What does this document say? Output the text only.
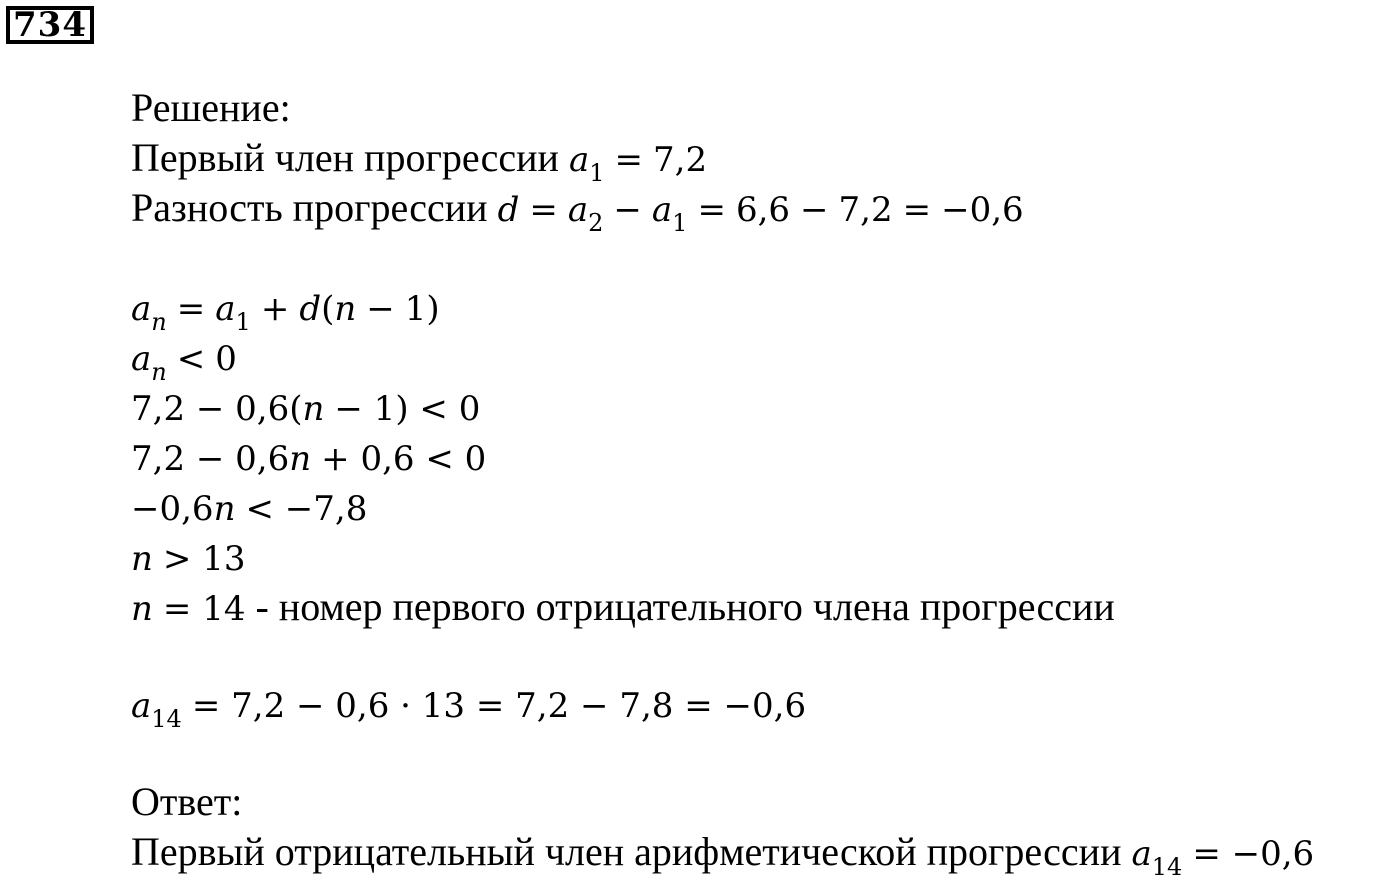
734
Решение:
Первый член прогрессии $a_1 = 7,2$
Разность прогрессии $d = a_2 - a_1 = 6,6 - 7,2 = -0,6$
$a_n = a_1 + d(n - 1)$
$a_n < 0$
7,2 − 0,6(n − 1) < 0
7,2 − 0,6n + 0,6 < 0
−0,6n < −7,8
n > 13
n = 14 - номер первого отрицательного члена прогрессии
$a_{14} = 7,2 - 0,6 \cdot 13 = 7,2 - 7,8 = -0,6$
Ответ:
Первый отрицательный член арифметической прогрессии $a_{14} = -0,6$
